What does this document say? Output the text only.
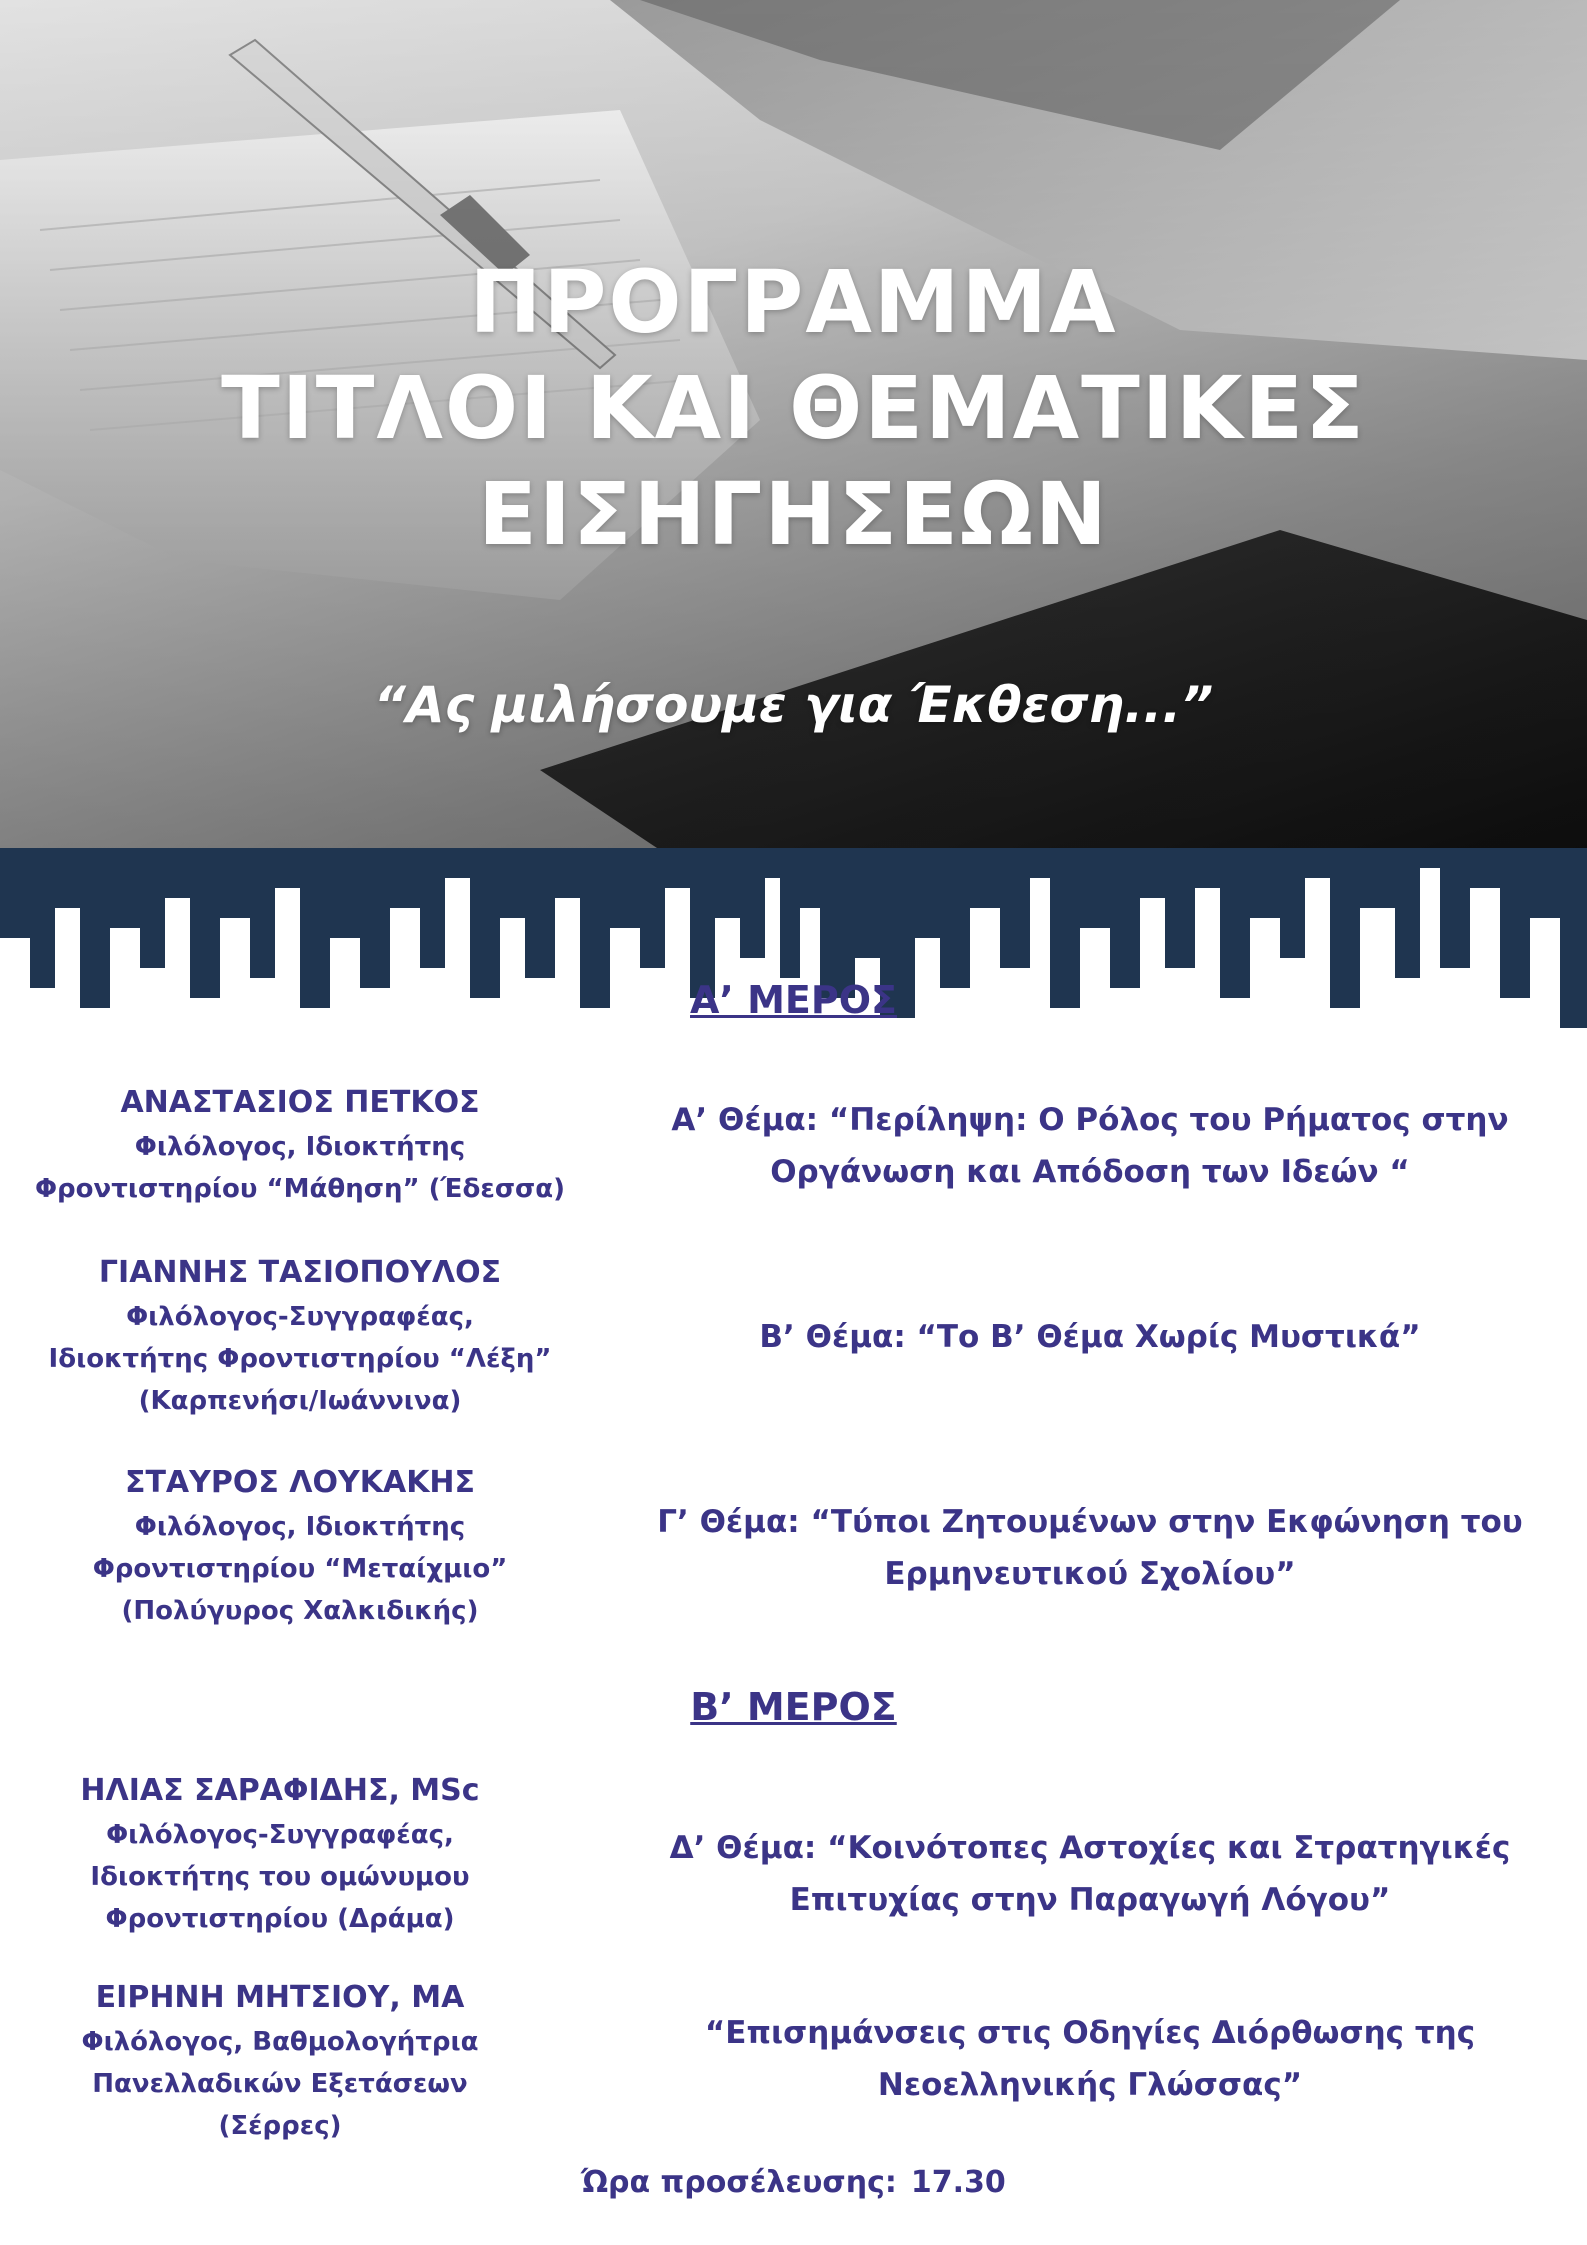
ΠΡΟΓΡΑΜΜΑ
ΤΙΤΛΟΙ ΚΑΙ ΘΕΜΑΤΙΚΕΣ
ΕΙΣΗΓΗΣΕΩΝ
“Ας μιλήσουμε για Έκθεση...”
Α’ ΜΕΡΟΣ
ΑΝΑΣΤΑΣΙΟΣ ΠΕΤΚΟΣ
Φιλόλογος, Ιδιοκτήτης
Φροντιστηρίου “Μάθηση” (Έδεσσα)
Α’ Θέμα: “Περίληψη: Ο Ρόλος του Ρήματος στην
Οργάνωση και Απόδοση των Ιδεών “
ΓΙΑΝΝΗΣ ΤΑΣΙΟΠΟΥΛΟΣ
Φιλόλογος-Συγγραφέας,
Ιδιοκτήτης Φροντιστηρίου “Λέξη”
(Καρπενήσι/Ιωάννινα)
Β’ Θέμα: “Το Β’ Θέμα Χωρίς Μυστικά”
ΣΤΑΥΡΟΣ ΛΟΥΚΑΚΗΣ
Φιλόλογος, Ιδιοκτήτης
Φροντιστηρίου “Μεταίχμιο”
(Πολύγυρος Χαλκιδικής)
Γ’ Θέμα: “Τύποι Ζητουμένων στην Εκφώνηση του
Ερμηνευτικού Σχολίου”
Β’ ΜΕΡΟΣ
ΗΛΙΑΣ ΣΑΡΑΦΙΔΗΣ, MSc
Φιλόλογος-Συγγραφέας,
Ιδιοκτήτης του ομώνυμου
Φροντιστηρίου (Δράμα)
Δ’ Θέμα: “Κοινότοπες Αστοχίες και Στρατηγικές
Επιτυχίας στην Παραγωγή Λόγου”
ΕΙΡΗΝΗ ΜΗΤΣΙΟΥ, ΜΑ
Φιλόλογος, Βαθμολογήτρια
Πανελλαδικών Εξετάσεων
(Σέρρες)
“Επισημάνσεις στις Οδηγίες Διόρθωσης της
Νεοελληνικής Γλώσσας”
Ώρα προσέλευσης: 17.30
